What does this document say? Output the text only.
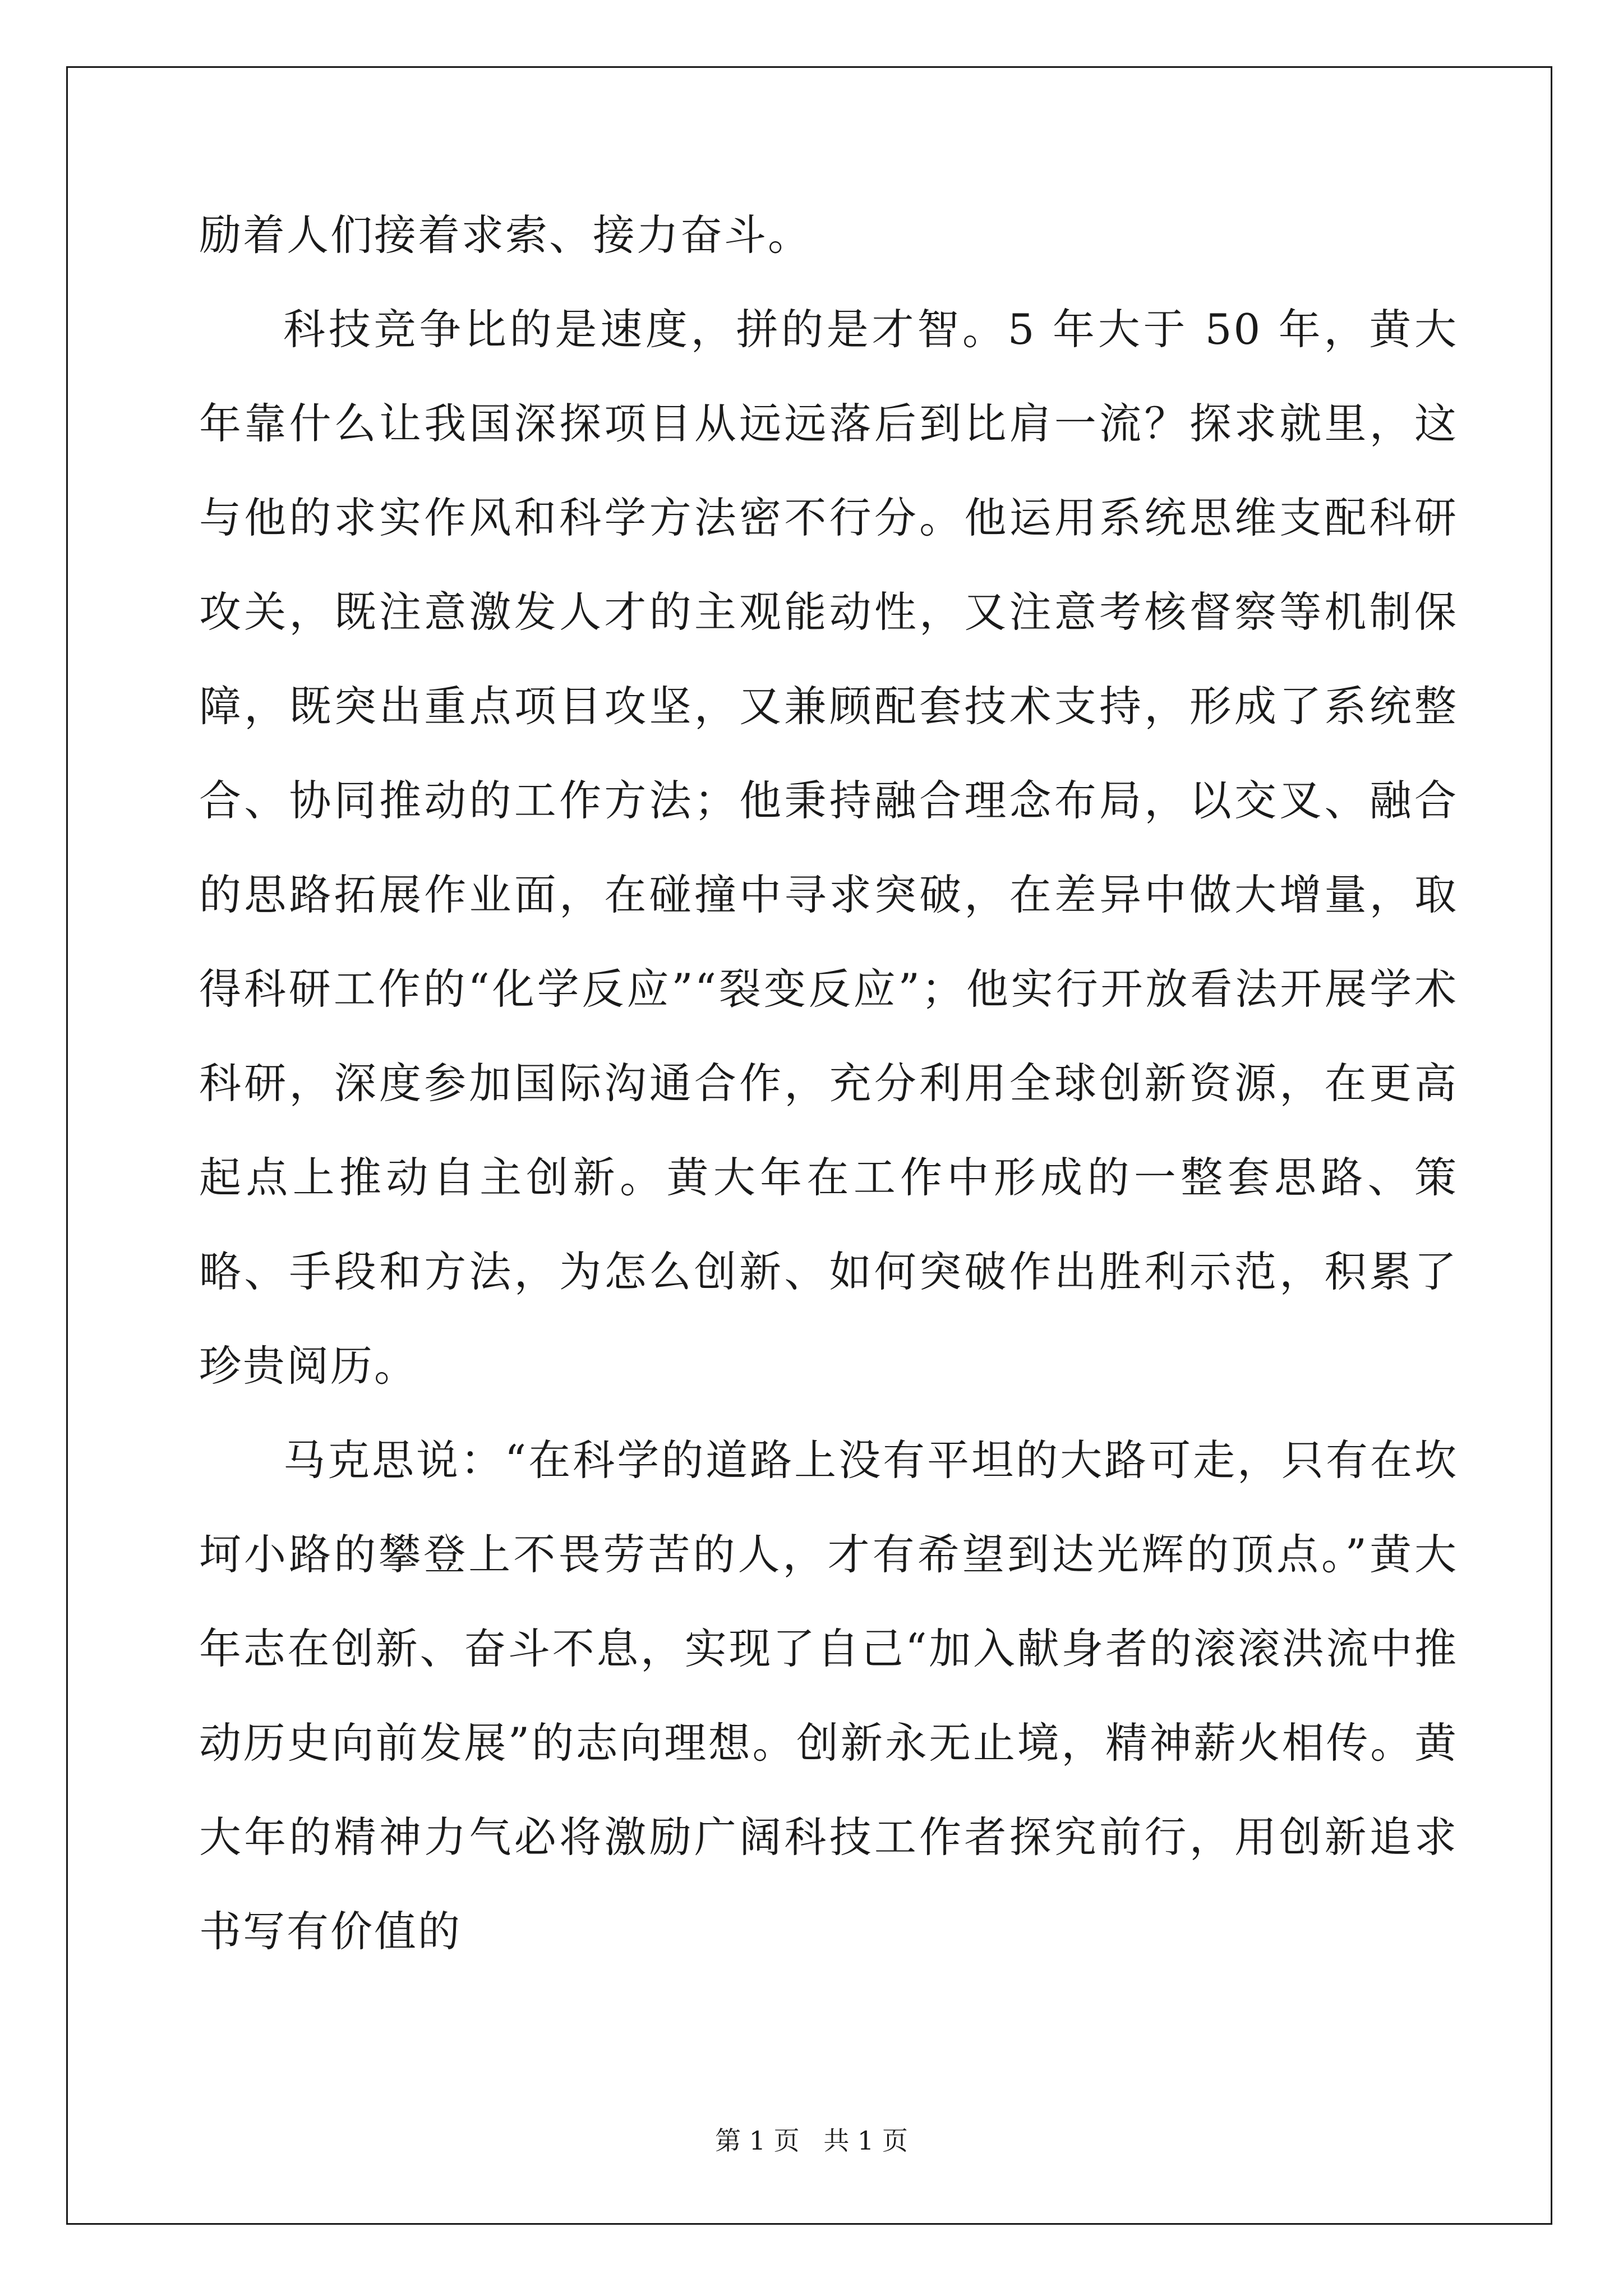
励着人们接着求索、接力奋斗。

科技竞争比的是速度，拼的是才智。5 年大于 50 年，黄大年靠什么让我国深探项目从远远落后到比肩一流？探求就里，这与他的求实作风和科学方法密不行分。他运用系统思维支配科研攻关，既注意激发人才的主观能动性，又注意考核督察等机制保障，既突出重点项目攻坚，又兼顾配套技术支持，形成了系统整合、协同推动的工作方法；他秉持融合理念布局，以交叉、融合的思路拓展作业面，在碰撞中寻求突破，在差异中做大增量，取得科研工作的“化学反应”“裂变反应”；他实行开放看法开展学术科研，深度参加国际沟通合作，充分利用全球创新资源，在更高起点上推动自主创新。黄大年在工作中形成的一整套思路、策略、手段和方法，为怎么创新、如何突破作出胜利示范，积累了珍贵阅历。

马克思说：“在科学的道路上没有平坦的大路可走，只有在坎坷小路的攀登上不畏劳苦的人，才有希望到达光辉的顶点。”黄大年志在创新、奋斗不息，实现了自己“加入献身者的滚滚洪流中推动历史向前发展”的志向理想。创新永无止境，精神薪火相传。黄大年的精神力气必将激励广阔科技工作者探究前行，用创新追求书写有价值的

第 1 页 共 1 页
